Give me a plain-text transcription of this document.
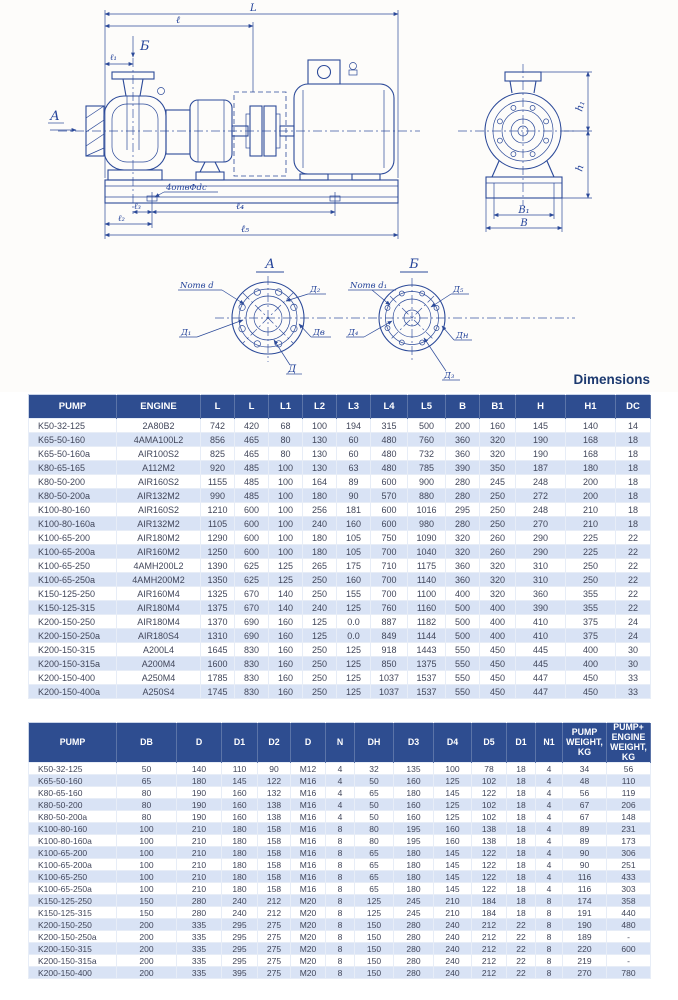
L
ℓ
Б
ℓ₁
А
4отвΦdс
ℓ₃	ℓ₄
ℓ₂
ℓ₅
h₁
h
В₁
В
А
Nотв d	Д₂
Д₁	Дв
Д
Б
Nотв d₁	Д₅
Д₄	Дн
Д₃	Dimensions
PUMP	ENGINE	L	L	L1	L2	L3	L4	L5	B	B1	H	H1	DC
K50-32-125	2A80B2	742	420	68	100	194	315	500	200	160	145	140	14
K65-50-160	4AMA100L2	856	465	80	130	60	480	760	360	320	190	168	18
K65-50-160a	AIR100S2	825	465	80	130	60	480	732	360	320	190	168	18
K80-65-165	A112M2	920	485	100	130	63	480	785	390	350	187	180	18
K80-50-200	AIR160S2	1155	485	100	164	89	600	900	280	245	248	200	18
K80-50-200a	AIR132M2	990	485	100	180	90	570	880	280	250	272	200	18
K100-80-160	AIR160S2	1210	600	100	256	181	600	1016	295	250	248	210	18
K100-80-160a	AIR132M2	1105	600	100	240	160	600	980	280	250	270	210	18
K100-65-200	AIR180M2	1290	600	100	180	105	750	1090	320	260	290	225	22
K100-65-200a	AIR160M2	1250	600	100	180	105	700	1040	320	260	290	225	22
K100-65-250	4AMH200L2	1390	625	125	265	175	710	1175	360	320	310	250	22
K100-65-250a	4AMH200M2	1350	625	125	250	160	700	1140	360	320	310	250	22
K150-125-250	AIR160M4	1325	670	140	250	155	700	1100	400	320	360	355	22
K150-125-315	AIR180M4	1375	670	140	240	125	760	1160	500	400	390	355	22
K200-150-250	AIR180M4	1370	690	160	125	0.0	887	1182	500	400	410	375	24
K200-150-250a	AIR180S4	1310	690	160	125	0.0	849	1144	500	400	410	375	24
K200-150-315	A200L4	1645	830	160	250	125	918	1443	550	450	445	400	30
K200-150-315a	A200M4	1600	830	160	250	125	850	1375	550	450	445	400	30
K200-150-400	A250M4	1785	830	160	250	125	1037	1537	550	450	447	450	33
K200-150-400a	A250S4	1745	830	160	250	125	1037	1537	550	450	447	450	33
PUMP	DB	D	D1	D2	D	N	DH	D3	D4	D5	D1	N1	PUMP WEIGHT, KG	PUMP+ ENGINE WEIGHT, KG
K50-32-125	50	140	110	90	M12	4	32	135	100	78	18	4	34	56
K65-50-160	65	180	145	122	M16	4	50	160	125	102	18	4	48	110
K80-65-160	80	190	160	132	M16	4	65	180	145	122	18	4	56	119
K80-50-200	80	190	160	138	M16	4	50	160	125	102	18	4	67	206
K80-50-200a	80	190	160	138	M16	4	50	160	125	102	18	4	67	148
K100-80-160	100	210	180	158	M16	8	80	195	160	138	18	4	89	231
K100-80-160a	100	210	180	158	M16	8	80	195	160	138	18	4	89	173
K100-65-200	100	210	180	158	M16	8	65	180	145	122	18	4	90	306
K100-65-200a	100	210	180	158	M16	8	65	180	145	122	18	4	90	251
K100-65-250	100	210	180	158	M16	8	65	180	145	122	18	4	116	433
K100-65-250a	100	210	180	158	M16	8	65	180	145	122	18	4	116	303
K150-125-250	150	280	240	212	M20	8	125	245	210	184	18	8	174	358
K150-125-315	150	280	240	212	M20	8	125	245	210	184	18	8	191	440
K200-150-250	200	335	295	275	M20	8	150	280	240	212	22	8	190	480
K200-150-250a	200	335	295	275	M20	8	150	280	240	212	22	8	189	-
K200-150-315	200	335	295	275	M20	8	150	280	240	212	22	8	220	600
K200-150-315a	200	335	295	275	M20	8	150	280	240	212	22	8	219	-
K200-150-400	200	335	395	275	M20	8	150	280	240	212	22	8	270	780
